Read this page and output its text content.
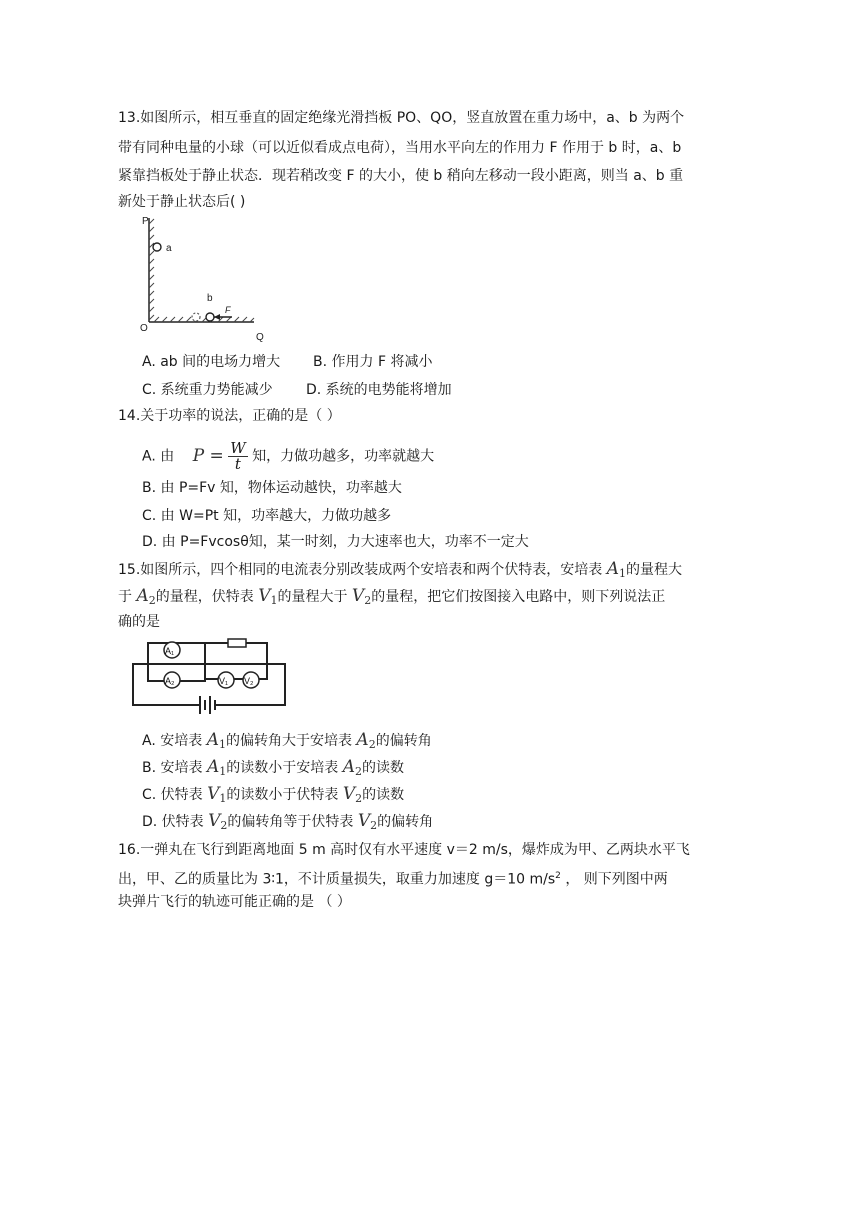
13.如图所示，相互垂直的固定绝缘光滑挡板 PO、QO，竖直放置在重力场中，a、b 为两个
带有同种电量的小球（可以近似看成点电荷），当用水平向左的作用力 F 作用于 b 时，a、b
紧靠挡板处于静止状态．现若稍改变 F 的大小，使 b 稍向左移动一段小距离，则当 a、b 重
新处于静止状态后( )
P
a
b
F
O
Q
A. ab 间的电场力增大 B. 作用力 F 将减小
C. 系统重力势能减少 D. 系统的电势能将增加
14.关于功率的说法，正确的是（ ）
A. 由 $P = \frac{W}{t}$ 知，力做功越多，功率就越大
B. 由 P=Fv 知，物体运动越快，功率越大
C. 由 W=Pt 知，功率越大，力做功越多
D. 由 P=Fvcosθ知，某一时刻，力大速率也大，功率不一定大
15.如图所示，四个相同的电流表分别改装成两个安培表和两个伏特表，安培表 $A_1$的量程大
于 $A_2$的量程，伏特表 $V_1$的量程大于 $V_2$的量程，把它们按图接入电路中，则下列说法正
确的是
A₁
A₂	V₁ V₂
A. 安培表 $A_1$的偏转角大于安培表 $A_2$的偏转角
B. 安培表 $A_1$的读数小于安培表 $A_2$的读数
C. 伏特表 $V_1$的读数小于伏特表 $V_2$的读数
D. 伏特表 $V_2$的偏转角等于伏特表 $V_2$的偏转角
16.一弹丸在飞行到距离地面 5 m 高时仅有水平速度 v＝2 m/s，爆炸成为甲、乙两块水平飞
出，甲、乙的质量比为 3∶1，不计质量损失，取重力加速度 g＝10 $m/s^2$ ， 则下列图中两
块弹片飞行的轨迹可能正确的是 （ ）
